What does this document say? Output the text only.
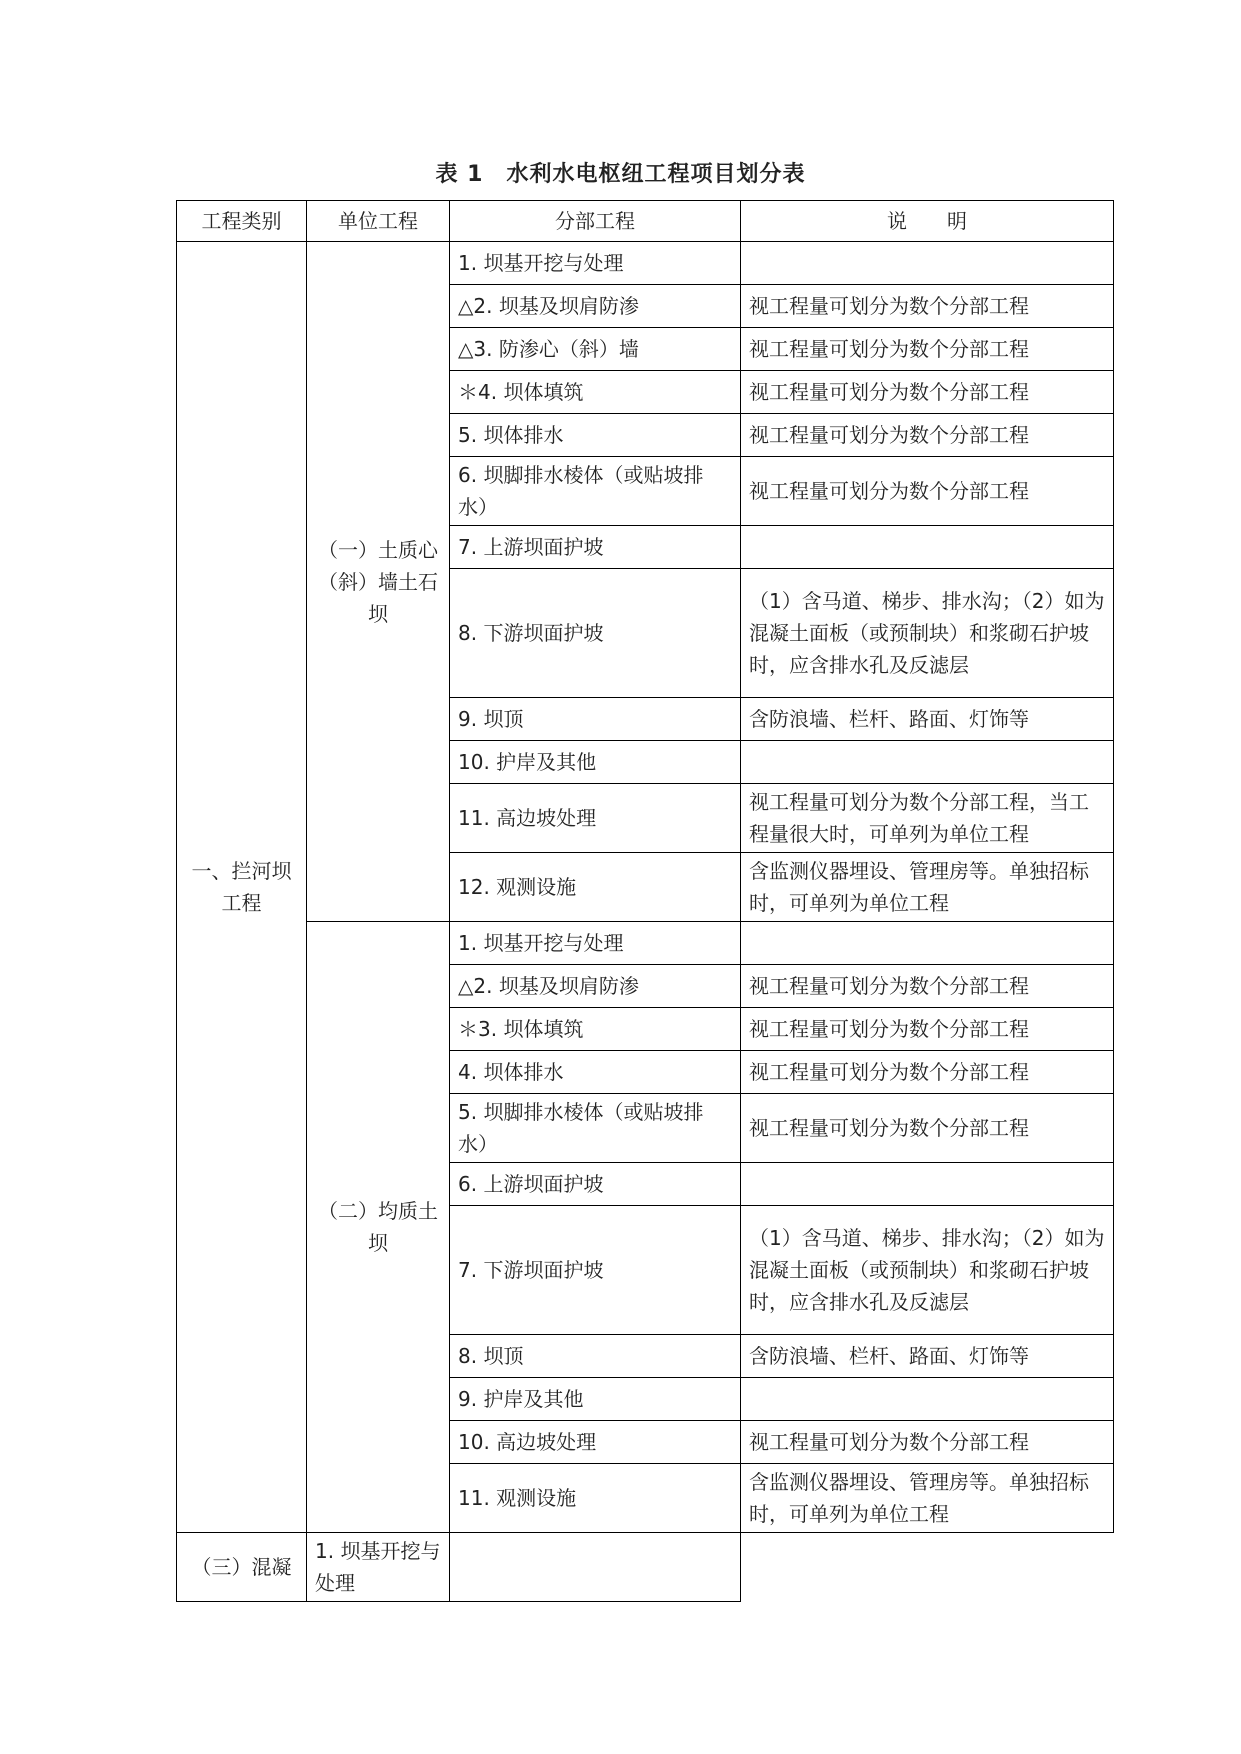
表 1　水利水电枢纽工程项目划分表
工程类别	单位工程	分部工程	说　　明
一、拦河坝工程	（一）土质心（斜）墙土石坝	1. 坝基开挖与处理	
		△2. 坝基及坝肩防渗	视工程量可划分为数个分部工程
		△3. 防渗心（斜）墙	视工程量可划分为数个分部工程
		＊4. 坝体填筑	视工程量可划分为数个分部工程
		5. 坝体排水	视工程量可划分为数个分部工程
		6. 坝脚排水棱体（或贴坡排水）	视工程量可划分为数个分部工程
		7. 上游坝面护坡	
		8. 下游坝面护坡	（1）含马道、梯步、排水沟；（2）如为混凝土面板（或预制块）和浆砌石护坡时，应含排水孔及反滤层
		9. 坝顶	含防浪墙、栏杆、路面、灯饰等
		10. 护岸及其他	
		11. 高边坡处理	视工程量可划分为数个分部工程，当工程量很大时，可单列为单位工程
		12. 观测设施	含监测仪器埋设、管理房等。单独招标时，可单列为单位工程
	（二）均质土坝	1. 坝基开挖与处理	
		△2. 坝基及坝肩防渗	视工程量可划分为数个分部工程
		＊3. 坝体填筑	视工程量可划分为数个分部工程
		4. 坝体排水	视工程量可划分为数个分部工程
		5. 坝脚排水棱体（或贴坡排水）	视工程量可划分为数个分部工程
		6. 上游坝面护坡	
		7. 下游坝面护坡	（1）含马道、梯步、排水沟；（2）如为混凝土面板（或预制块）和浆砌石护坡时，应含排水孔及反滤层
		8. 坝顶	含防浪墙、栏杆、路面、灯饰等
		9. 护岸及其他	
		10. 高边坡处理	视工程量可划分为数个分部工程
		11. 观测设施	含监测仪器埋设、管理房等。单独招标时，可单列为单位工程
（三）混凝	1. 坝基开挖与处理		
